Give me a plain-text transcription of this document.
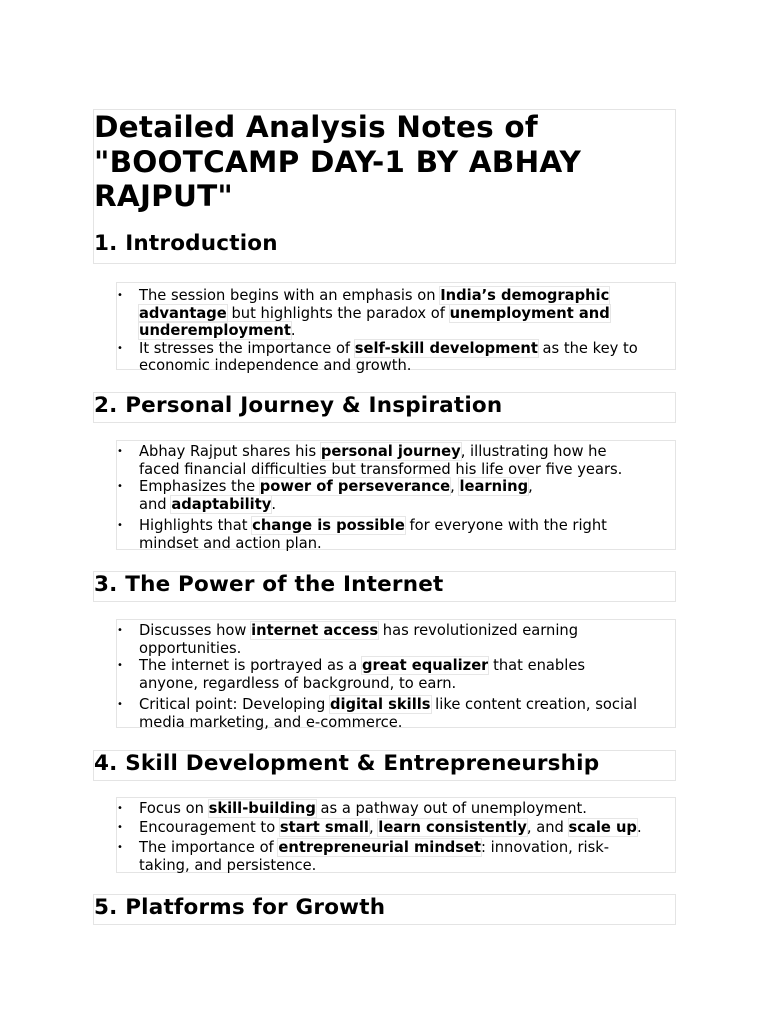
Detailed Analysis Notes of
"BOOTCAMP DAY-1 BY ABHAY
RAJPUT"
1. Introduction
• The session begins with an emphasis on India’s demographic
advantage but highlights the paradox of unemployment and
underemployment.
• It stresses the importance of self-skill development as the key to
economic independence and growth.
2. Personal Journey & Inspiration
• Abhay Rajput shares his personal journey, illustrating how he
faced financial difficulties but transformed his life over five years.
• Emphasizes the power of perseverance, learning,
and adaptability.
• Highlights that change is possible for everyone with the right
mindset and action plan.
3. The Power of the Internet
• Discusses how internet access has revolutionized earning
opportunities.
• The internet is portrayed as a great equalizer that enables
anyone, regardless of background, to earn.
• Critical point: Developing digital skills like content creation, social
media marketing, and e-commerce.
4. Skill Development & Entrepreneurship
• Focus on skill-building as a pathway out of unemployment.
• Encouragement to start small, learn consistently, and scale up.
• The importance of entrepreneurial mindset: innovation, risk-
taking, and persistence.
5. Platforms for Growth
